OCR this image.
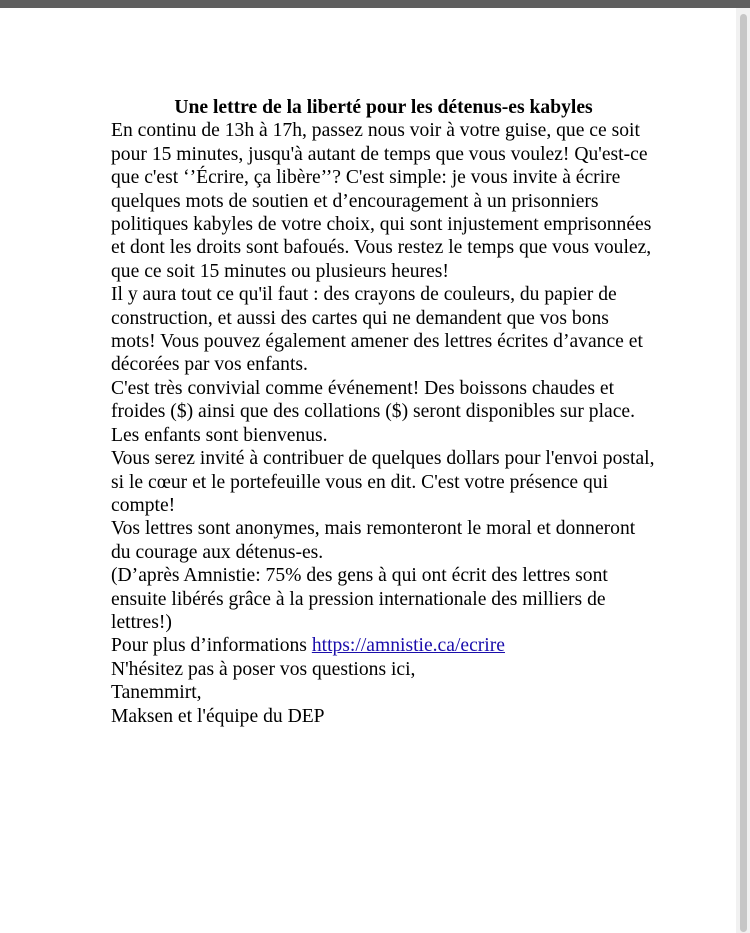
Une lettre de la liberté pour les détenus-es kabyles

En continu de 13h à 17h, passez nous voir à votre guise, que ce soit pour 15 minutes, jusqu'à autant de temps que vous voulez! Qu'est-ce que c'est ‘’Écrire, ça libère’’? C'est simple: je vous invite à écrire quelques mots de soutien et d’encouragement à un prisonniers politiques kabyles de votre choix, qui sont injustement emprisonnées et dont les droits sont bafoués. Vous restez le temps que vous voulez, que ce soit 15 minutes ou plusieurs heures!

Il y aura tout ce qu'il faut : des crayons de couleurs, du papier de construction, et aussi des cartes qui ne demandent que vos bons mots! Vous pouvez également amener des lettres écrites d’avance et décorées par vos enfants.

C'est très convivial comme événement! Des boissons chaudes et froides ($) ainsi que des collations ($) seront disponibles sur place. Les enfants sont bienvenus.

Vous serez invité à contribuer de quelques dollars pour l'envoi postal, si le cœur et le portefeuille vous en dit. C'est votre présence qui compte!

Vos lettres sont anonymes, mais remonteront le moral et donneront du courage aux détenus-es.

(D’après Amnistie: 75% des gens à qui ont écrit des lettres sont ensuite libérés grâce à la pression internationale des milliers de lettres!)

Pour plus d’informations https://amnistie.ca/ecrire

N'hésitez pas à poser vos questions ici,

Tanemmirt,

Maksen et l'équipe du DEP
